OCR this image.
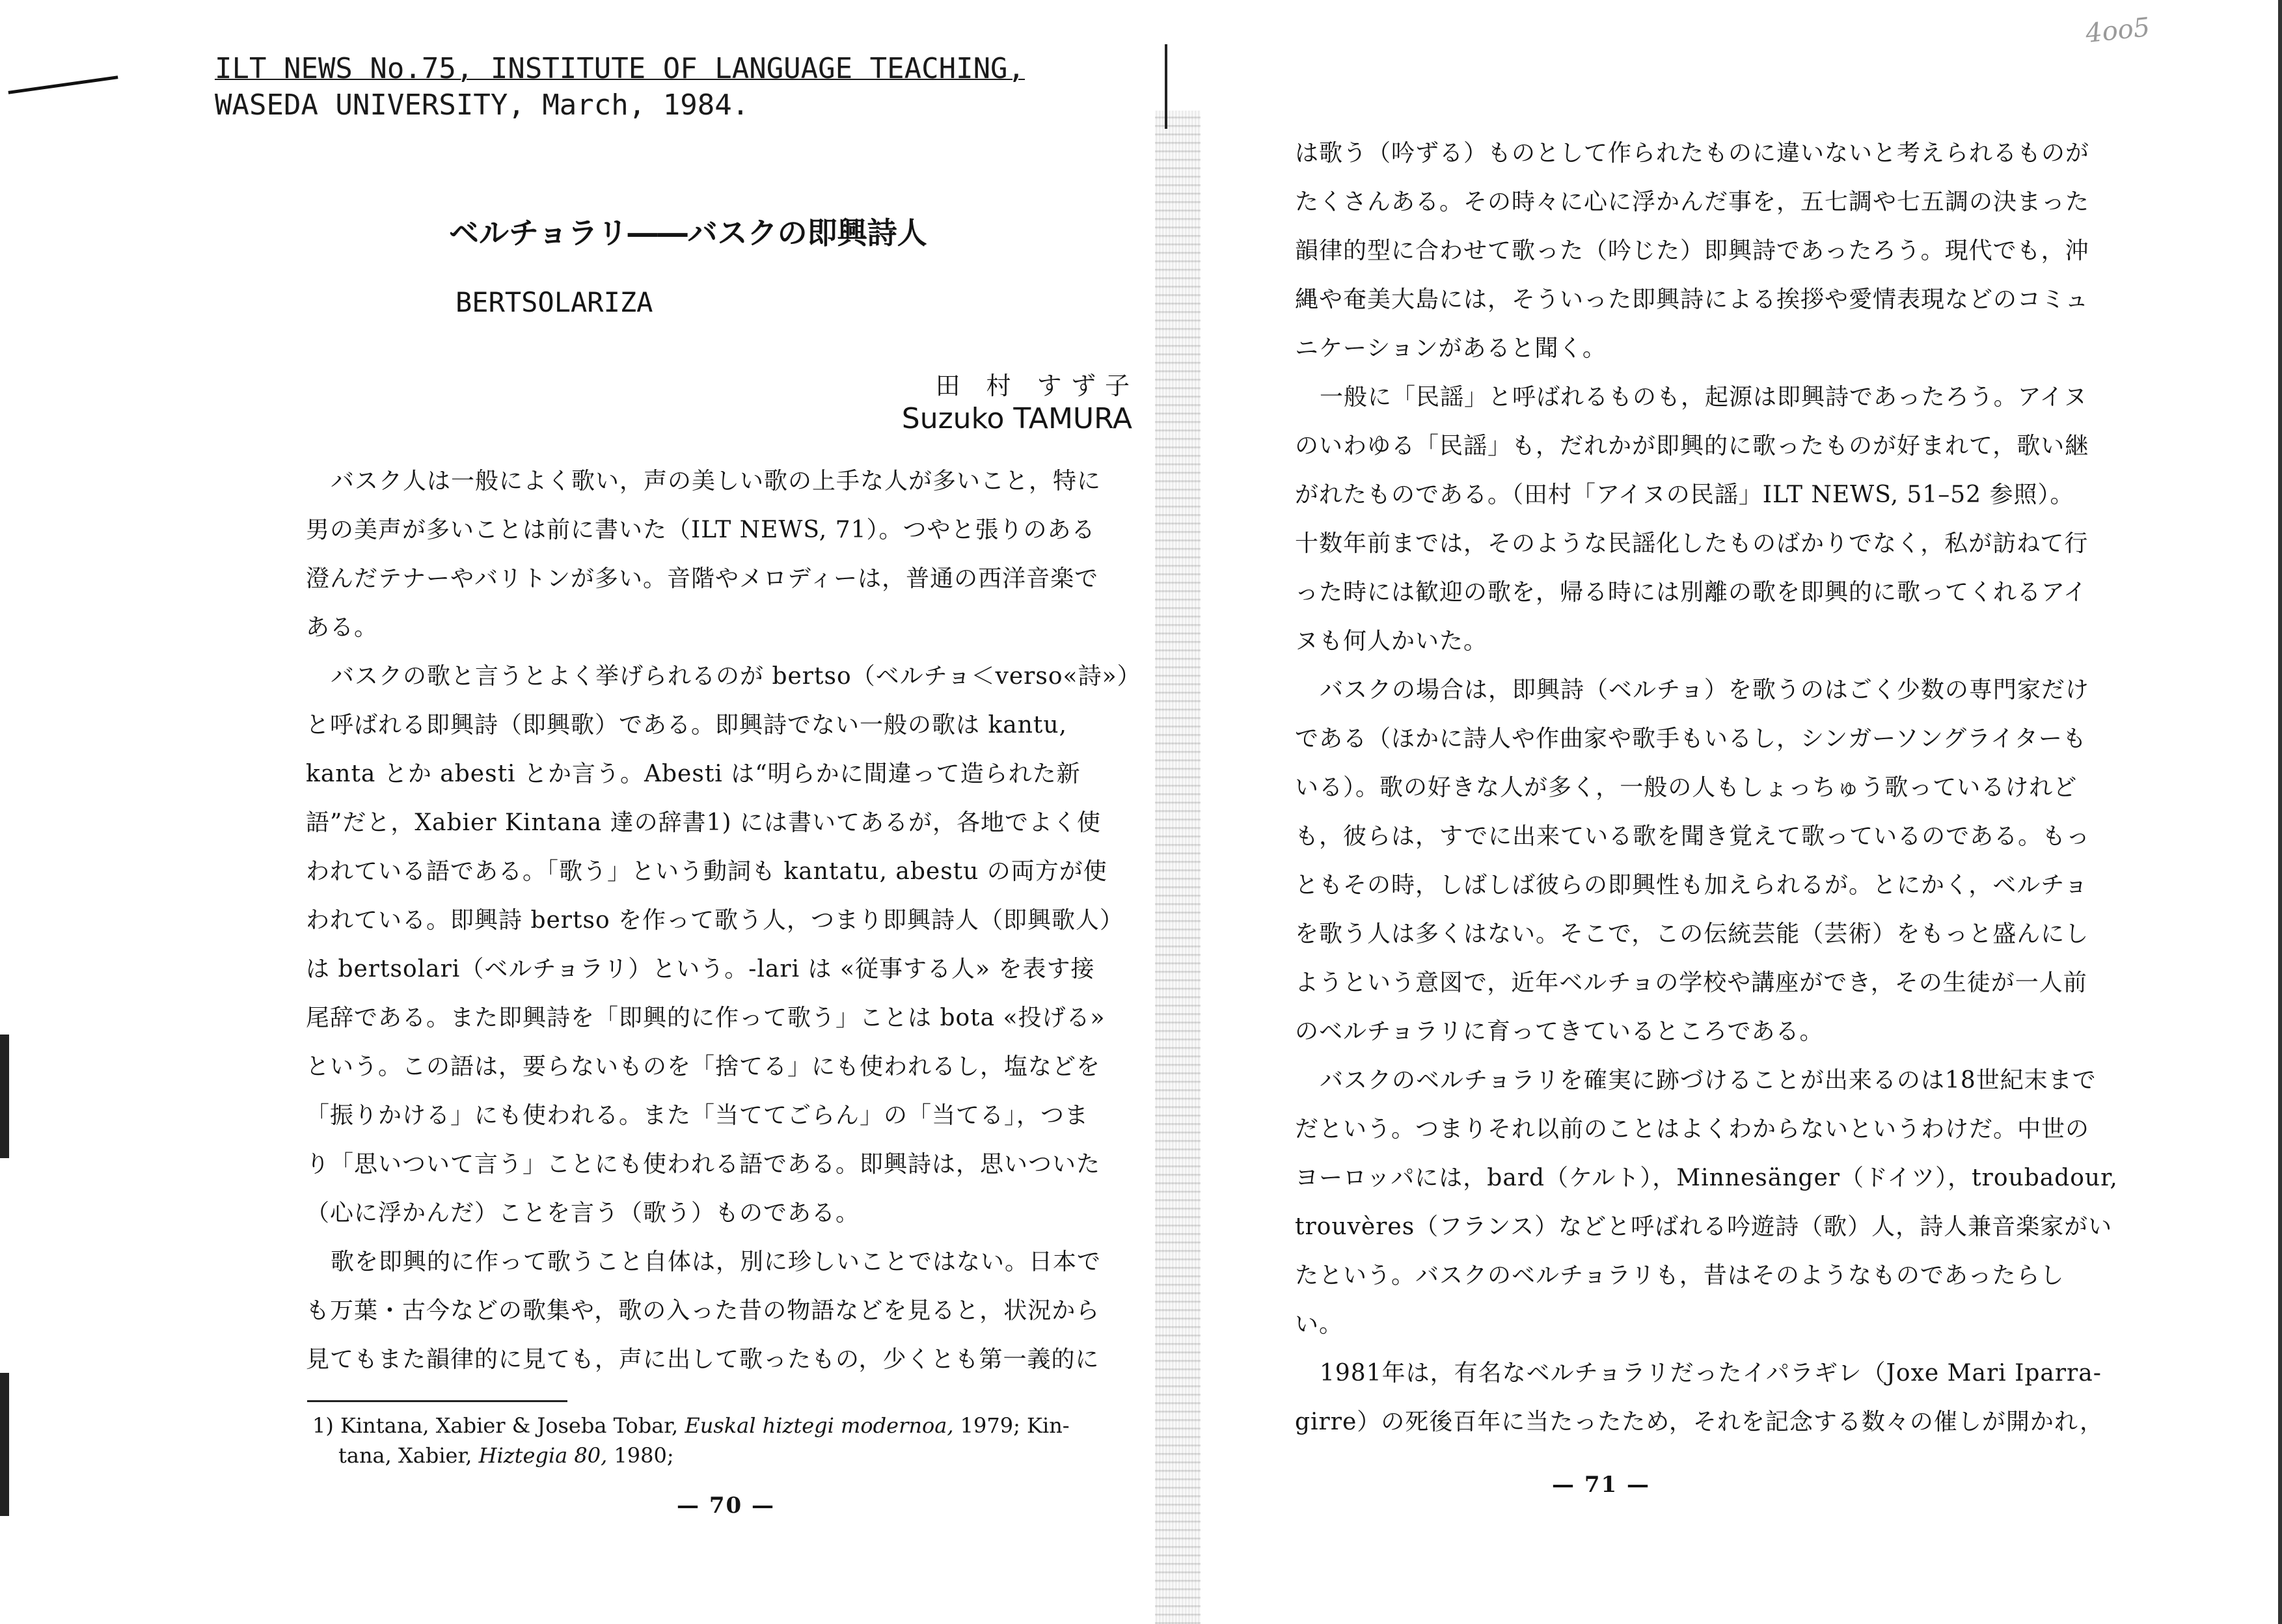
ILT NEWS No.75, INSTITUTE OF LANGUAGE TEACHING,
WASEDA UNIVERSITY, March, 1984.
ベルチョラリ――バスクの即興詩人
BERTSOLARIZA
田 村 すず子
Suzuko TAMURA
バスク人は一般によく歌い，声の美しい歌の上手な人が多いこと，特に
男の美声が多いことは前に書いた（ILT NEWS, 71）。つやと張りのある
澄んだテナーやバリトンが多い。音階やメロディーは，普通の西洋音楽で
ある。
バスクの歌と言うとよく挙げられるのが bertso（ベルチョ＜verso«詩»）
と呼ばれる即興詩（即興歌）である。即興詩でない一般の歌は kantu,
kanta とか abesti とか言う。Abesti は“明らかに間違って造られた新
語”だと，Xabier Kintana 達の辞書1) には書いてあるが，各地でよく使
われている語である。「歌う」という動詞も kantatu, abestu の両方が使
われている。即興詩 bertso を作って歌う人，つまり即興詩人（即興歌人）
は bertsolari（ベルチョラリ）という。-lari は «従事する人» を表す接
尾辞である。また即興詩を「即興的に作って歌う」ことは bota «投げる»
という。この語は，要らないものを「捨てる」にも使われるし，塩などを
「振りかける」にも使われる。また「当ててごらん」の「当てる」，つま
り「思いついて言う」ことにも使われる語である。即興詩は，思いついた
（心に浮かんだ）ことを言う（歌う）ものである。
歌を即興的に作って歌うこと自体は，別に珍しいことではない。日本で
も万葉・古今などの歌集や，歌の入った昔の物語などを見ると，状況から
見てもまた韻律的に見ても，声に出して歌ったもの，少くとも第一義的に
1) Kintana, Xabier & Joseba Tobar, Euskal hiztegi modernoa, 1979; Kin-
tana, Xabier, Hiztegia 80, 1980;
— 70 —
4oo5
は歌う（吟ずる）ものとして作られたものに違いないと考えられるものが
たくさんある。その時々に心に浮かんだ事を，五七調や七五調の決まった
韻律的型に合わせて歌った（吟じた）即興詩であったろう。現代でも，沖
縄や奄美大島には，そういった即興詩による挨拶や愛情表現などのコミュ
ニケーションがあると聞く。
一般に「民謡」と呼ばれるものも，起源は即興詩であったろう。アイヌ
のいわゆる「民謡」も，だれかが即興的に歌ったものが好まれて，歌い継
がれたものである。（田村「アイヌの民謡」ILT NEWS, 51–52 参照）。
十数年前までは，そのような民謡化したものばかりでなく，私が訪ねて行
った時には歓迎の歌を，帰る時には別離の歌を即興的に歌ってくれるアイ
ヌも何人かいた。
バスクの場合は，即興詩（ベルチョ）を歌うのはごく少数の専門家だけ
である（ほかに詩人や作曲家や歌手もいるし，シンガーソングライターも
いる）。歌の好きな人が多く，一般の人もしょっちゅう歌っているけれど
も，彼らは，すでに出来ている歌を聞き覚えて歌っているのである。もっ
ともその時，しばしば彼らの即興性も加えられるが。とにかく，ベルチョ
を歌う人は多くはない。そこで，この伝統芸能（芸術）をもっと盛んにし
ようという意図で，近年ベルチョの学校や講座ができ，その生徒が一人前
のベルチョラリに育ってきているところである。
バスクのベルチョラリを確実に跡づけることが出来るのは18世紀末まで
だという。つまりそれ以前のことはよくわからないというわけだ。中世の
ヨーロッパには，bard（ケルト），Minnesänger（ドイツ），troubadour,
trouvères（フランス）などと呼ばれる吟遊詩（歌）人，詩人兼音楽家がい
たという。バスクのベルチョラリも，昔はそのようなものであったらし
い。
1981年は，有名なベルチョラリだったイパラギレ（Joxe Mari Iparra-
girre）の死後百年に当たったため，それを記念する数々の催しが開かれ，
— 71 —
